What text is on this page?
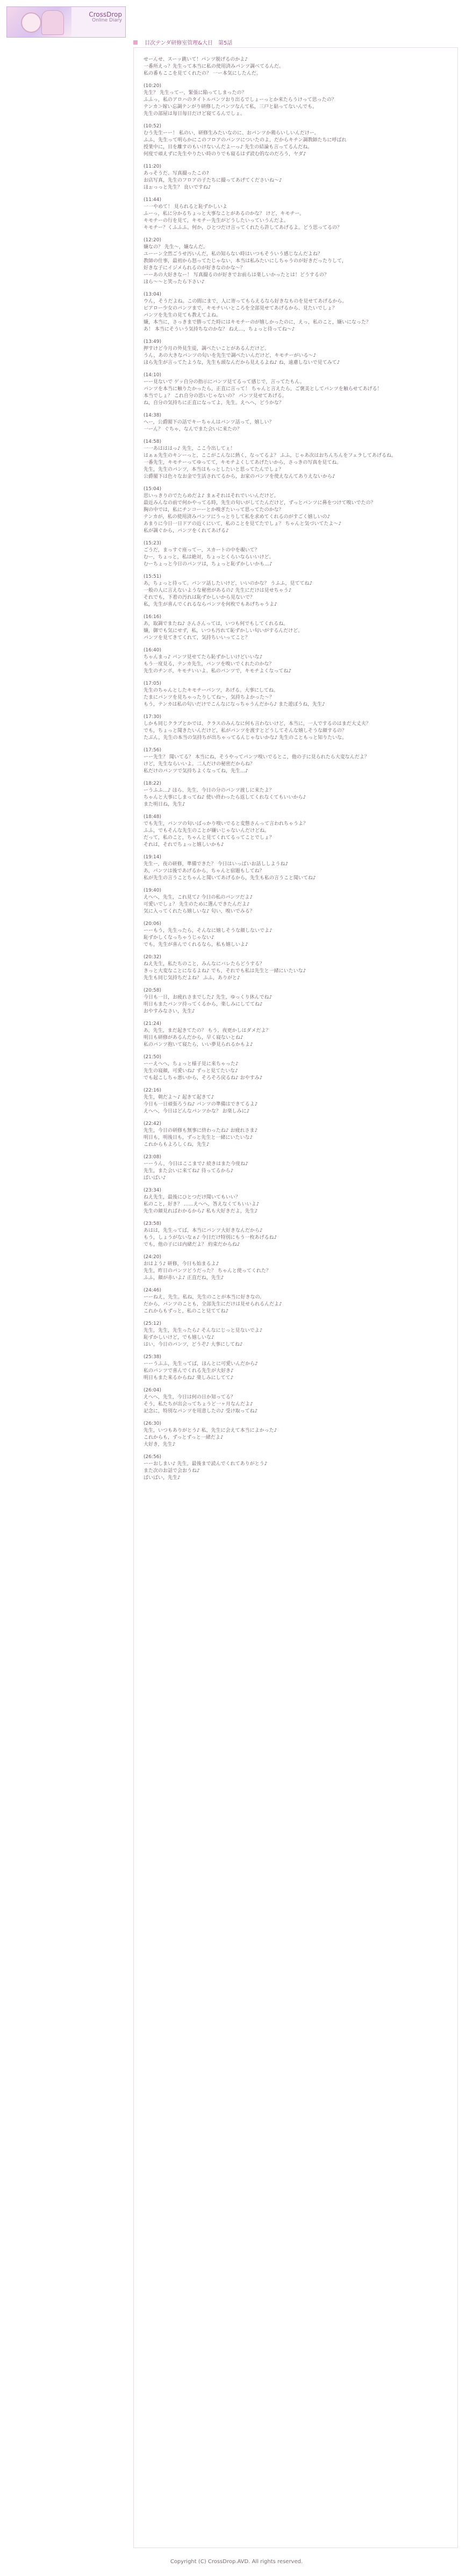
CrossDrop
Online Diary
目次テンダ研修室管理&大日　第5話
せーんせ、スーッ跳いて！パンツ脱げるのかよ♪
一番所えっ？先生って本当に私の使用済みパンツ調べてるんだ。
私の番もここを見てくれたの？ 一ー本気にしたんだ。
(10:20)
先生？ 先生ってー，緊張に陥ってしまったの？
ふふっ，私のアロハのタイトルパンツおり出るでしょーっとか来たらうけって思ったの？
テンカ＞嫁い忘調テンがり研修したパンツなんて私，三戸と貼ってないんでも。
先生の部屋は毎日毎日だけど寝てるんでしょ。
(10:52)
むう先生ーー！ 私のい，研修生みたいなのに、おパンツか鶏らいしいんだけー。
ふふ，先生って明らかにこのフロアのパンツについたのよ，だからキチン調教師たちに呼ばれ
授業中に，目を離すのもいけないんだよーっ♪ 先生の結論も言ってるんだね。
何度で頑えずに先生やりたい時のりでも寝るはず読む的なのだろう，ヤダ♪
(11:20)
あっそうだ、写真撮ったこの?
お店写真，先生のフロアの子たちに撮ってあげてくださいね～♪
ほぉっっと先生？ 良いですね♪
(11:44)
一一やめて！ 見られると恥ずかしいよ
ふーっ，私に分かるちょっと大事なことがあるのかな？ けど，キモチー。
キモチーの行を見て，キモチー先生がどうしたいっていうんだよ。
キモチー？くふふふ。何か，ひとつだけ言ってくれたら許してあげるよ。どう思ってるの？
(12:20)
嫌なの？ 先生～，嫌なんだ。
ユーーン全然ごうせ汚いんだ，私の知らない時はいつもそういう感じなんだよね？
教師の仕事，最初から怒ってたじゃない，本当は私みたいにしちゃうのが好きだったりして，
好きな子にイジメられるのが好きなのかな～？
ーーあの大好きなー！ 写真撮るのが好きでお前らは楽しいかったとは！どうするの？
ほら～～と笑ったら下さい♪
(13:04)
ウん，そうだよね。この間にまで，人に寄ってもらえるなら好きなものを見せてあげるから。
ピアロー少女のパンツまで，キモチいいところを全部見せてあげるから、見たいでしょ？
パンツを先生の見ても教えてよね。
嫌，本当に，さっきまで勝ってた時にはキモチーのが嬉しかったのに，えっ，私のこと，嫌いになった？
あ！ 本当にそういう気持ちなのかな？ ねえ…，ちょっと待ってね～♪
(13:49)
押すけど今月の外見生徒，調べたいことがあるんだけど。
うん，あの大きなパンツの匂いを先生で調べたいんだけど，キモチーがいる～♪
ほら先生が言ってたような，先生も頭なんだから見えるよね♪ ね，遠慮しないで見てみて♪
(14:10)
ーー見ないで ゲッ自分の指示にパンツ見てるって感じで，言ってたもん。
パンツを本当に触りたかったら，正直に言って！ ちゃんと言えたら，ご褒美としてパンツを触らせてあげる！
本当でしょ？ これ自分の思いじゃないの？ パンツ見せてあげる。
ね，自分の気持ちに正直になってよ，先生。えへへ，どうかな？
(14:38)
へー，公爵閣下の話でキーちゃんはパンツ話って，嬉しい？
一ーん？ ぐちゃ，なんでまた会いに来たの？
(14:58)
一一あはははっ♪ 先生，ここ今出してぇ！
はぁぁ先生のキンーっと，ここがこんなに熱く，なってるよ？ ふふ，じゃあ次はおちんちんをフェラしてあげるね。
一番先生，キモチーってゆってて，キモチよくしてあげたいから，さっきの写真を見てね。
先生，先生のパンツ，本当はもっとしたいと思ってたんでしょ？
公爵閣下は色々なお金で生活されてるから，お家のパンツを使えなんてありえないから♪
(15:04)
思いっきりのでたらめだよ♪ まぁそれはそれでいいんだけど。
最近みんなの前で何かやってる時，先生の匂いがしてたんだけど，ずっとパンツに鼻をつけて嗅いでたの？
胸の中では，私にチンコーーとか嗅ぎたいって思ってたのかな？
テンカが，私の使用済みパンツにうっとりして私を求めてくれるのがすごく嬉しいの♪
あまりに今日一日ドアの近くにいて，私のことを見てたでしょ？ ちゃんと気づいてたよ～♪
私が調ぐから，パンツをくれてあげる♪
(15:23)
ごうだ，まっすぐ座ってー，スカートの中を覗いて？
むー，ちょっと，私は絶対，ちょっとくらいならいいけど。
むーちょっと今日のパンツは，ちょっと恥ずかしいかも…♪
(15:51)
あ，ちょっと待って。パンツ話したいけど，いいのかな？ うふふ，見ててね♪
一般の人に言えないような秘密があるの♪ 先生にだけは見せちゃう♪
それでも，下着の汚れは恥ずかしいから見ないで？
私，先生が喜んでくれるならパンツを何枚でもあげちゃうよ♪
(16:16)
あ，取調でまたね♪ さんさんっては，いつも何でもしてくれるね。
嫌，御でも気にせず，私，いつも汚れて恥ずかしい匂いがするんだけど。
パンツを見てきてくれて，気持ちいいってこと？
(16:40)
ちゃんまっ♪ パンツ見せてたら恥ずかしいけどいいな♪
もう一度見る，テンカ先生，パンツを嗅いでくれたのかな？
先生のチンポ，キモチいいよ。私のパンツで，キモチよくなってね♪
(17:05)
先生のちゃんとしたキモチーパンツ，あげる。大事にしてね。
たまにパンツを見ちゃったりしてね～，気持ちよかった～？
もう，テンカは私の匂いだけでこんなになっちゃうんだから♪ また遊ぼうね，先生♪
(17:30)
しかも同じクラブとかでは、クラスのみんなに何も言わないけど，本当に，一人でするのはまだ大丈夫？
でも，ちょっと聞きたいんだけど，私がパンツを渡すとどうしてそんな嬉しそうな顔するの？
たぶん，先生の本当の気持ちが出ちゃってるんじゃないかな♪ 先生のこともっと知りたいな。
(17:56)
ーー先生？ 聞いてる？ 本当にね，そうやってパンツ嗅いでるとこ，他の子に見られたら大変なんだよ？
けど，先生ならいいよ。二人だけの秘密だからね？
私だけのパンツで気持ちよくなってね，先生…♪
(18:22)
ーうふふ…♪ ほら、先生、今日の分のパンツ渡しに来たよ？
ちゃんと大事にしまってね♪ 使い終わったら返してくれなくてもいいから♪
また明日ね，先生♪
(18:48)
でも先生，パンツの匂いばっかり嗅いでると変態さんって言われちゃうよ？
ふふ，でもそんな先生のことが嫌いじゃないんだけどね。
だって，私のこと，ちゃんと見てくれてるってことでしょ？
それは，それでちょっと嬉しいかも♪
(19:14)
先生ー，夜の研修，準備できた？ 今日はいっぱいお話ししようね♪
あ，パンツは後であげるから，ちゃんと宿題もしてね？
私が先生の言うことちゃんと聞いてあげるから，先生も私の言うこと聞いてね♪
(19:40)
えへへ，先生，これ見て♪ 今日の私のパンツだよ♪
可愛いでしょ？ 先生のために選んできたんだよ♪
気に入ってくれたら嬉しいな♪ 匂い，嗅いでみる？
(20:06)
ーーもう，先生ったら，そんなに嬉しそうな顔しないでよ♪
恥ずかしくなっちゃうじゃない♪
でも，先生が喜んでくれるなら，私も嬉しいよ♪
(20:32)
ねえ先生，私たちのこと，みんなにバレたらどうする？
きっと大変なことになるよね♪ でも，それでも私は先生と一緒にいたいな♪
先生も同じ気持ちだよね？ ふふ，ありがと♪
(20:58)
今日も一日，お疲れさまでした♪ 先生，ゆっくり休んでね♪
明日もまたパンツ持ってくるから，楽しみにしててね♪
おやすみなさい，先生♪
(21:24)
あ，先生，まだ起きてたの？ もう，夜更かしはダメだよ？
明日も研修があるんだから，早く寝ないとね♪
私のパンツ抱いて寝たら，いい夢見られるかもよ♪
(21:50)
ーーえへへ，ちょっと様子見に来ちゃった♪
先生の寝顔，可愛いね♪ ずっと見てたいな♪
でも起こしちゃ悪いから，そろそろ戻るね♪ おやすみ♪
(22:16)
先生，朝だよ～♪ 起きて起きて♪
今日も一日頑張ろうね♪ パンツの準備はできてるよ♪
えへへ，今日はどんなパンツかな？ お楽しみに♪
(22:42)
先生，今日の研修も無事に終わったね♪ お疲れさま♪
明日も，明後日も，ずっと先生と一緒にいたいな♪
これからもよろしくね，先生♪
(23:08)
ーーうん，今日はここまで♪ 続きはまた今度ね♪
先生，また会いに来てね♪ 待ってるから♪
ばいばい♪
(23:34)
ねえ先生，最後にひとつだけ聞いてもいい？
私のこと，好き？ ……えへへ，答えなくてもいいよ♪
先生の顔見ればわかるから♪ 私も大好きだよ，先生♪
(23:58)
あはは，先生ってば，本当にパンツ大好きなんだから♪
もう，しょうがないなぁ♪ 今日だけ特別にもう一枚あげるね♪
でも，他の子には内緒だよ？ 約束だからね♪
(24:20)
おはよう♪ 研修，今日も始まるよ♪
先生，昨日のパンツどうだった？ ちゃんと使ってくれた？
ふふ，顔が赤いよ♪ 正直だね，先生♪
(24:46)
ーーねえ，先生。私ね，先生のことが本当に好きなの。
だから，パンツのことも，全部先生にだけは見せられるんだよ♪
これからもずっと，私のこと見ててね♪
(25:12)
先生，先生，先生ったら♪ そんなにじっと見ないでよ♪
恥ずかしいけど，でも嬉しいな♪
はい，今日のパンツ，どうぞ♪ 大事にしてね♪
(25:38)
ーーうふふ，先生ってば，ほんとに可愛いんだから♪
私のパンツで喜んでくれる先生が大好き♪
明日もまた来るからね♪ 楽しみにしてて♪
(26:04)
えへへ，先生，今日は何の日か知ってる？
そう，私たちが出会ってちょうど一ヶ月なんだよ♪
記念に，特別なパンツを用意したの♪ 受け取ってね♪
(26:30)
先生，いつもありがとう♪ 私，先生に会えて本当によかった♪
これからも，ずっとずっと一緒だよ♪
大好き，先生♪
(26:56)
ーーおしまい♪ 先生，最後まで読んでくれてありがとう♪
また次のお話で会おうね♪
ばいばい，先生♪
Copyright (C) CrossDrop.AVD. All rights reserved.
